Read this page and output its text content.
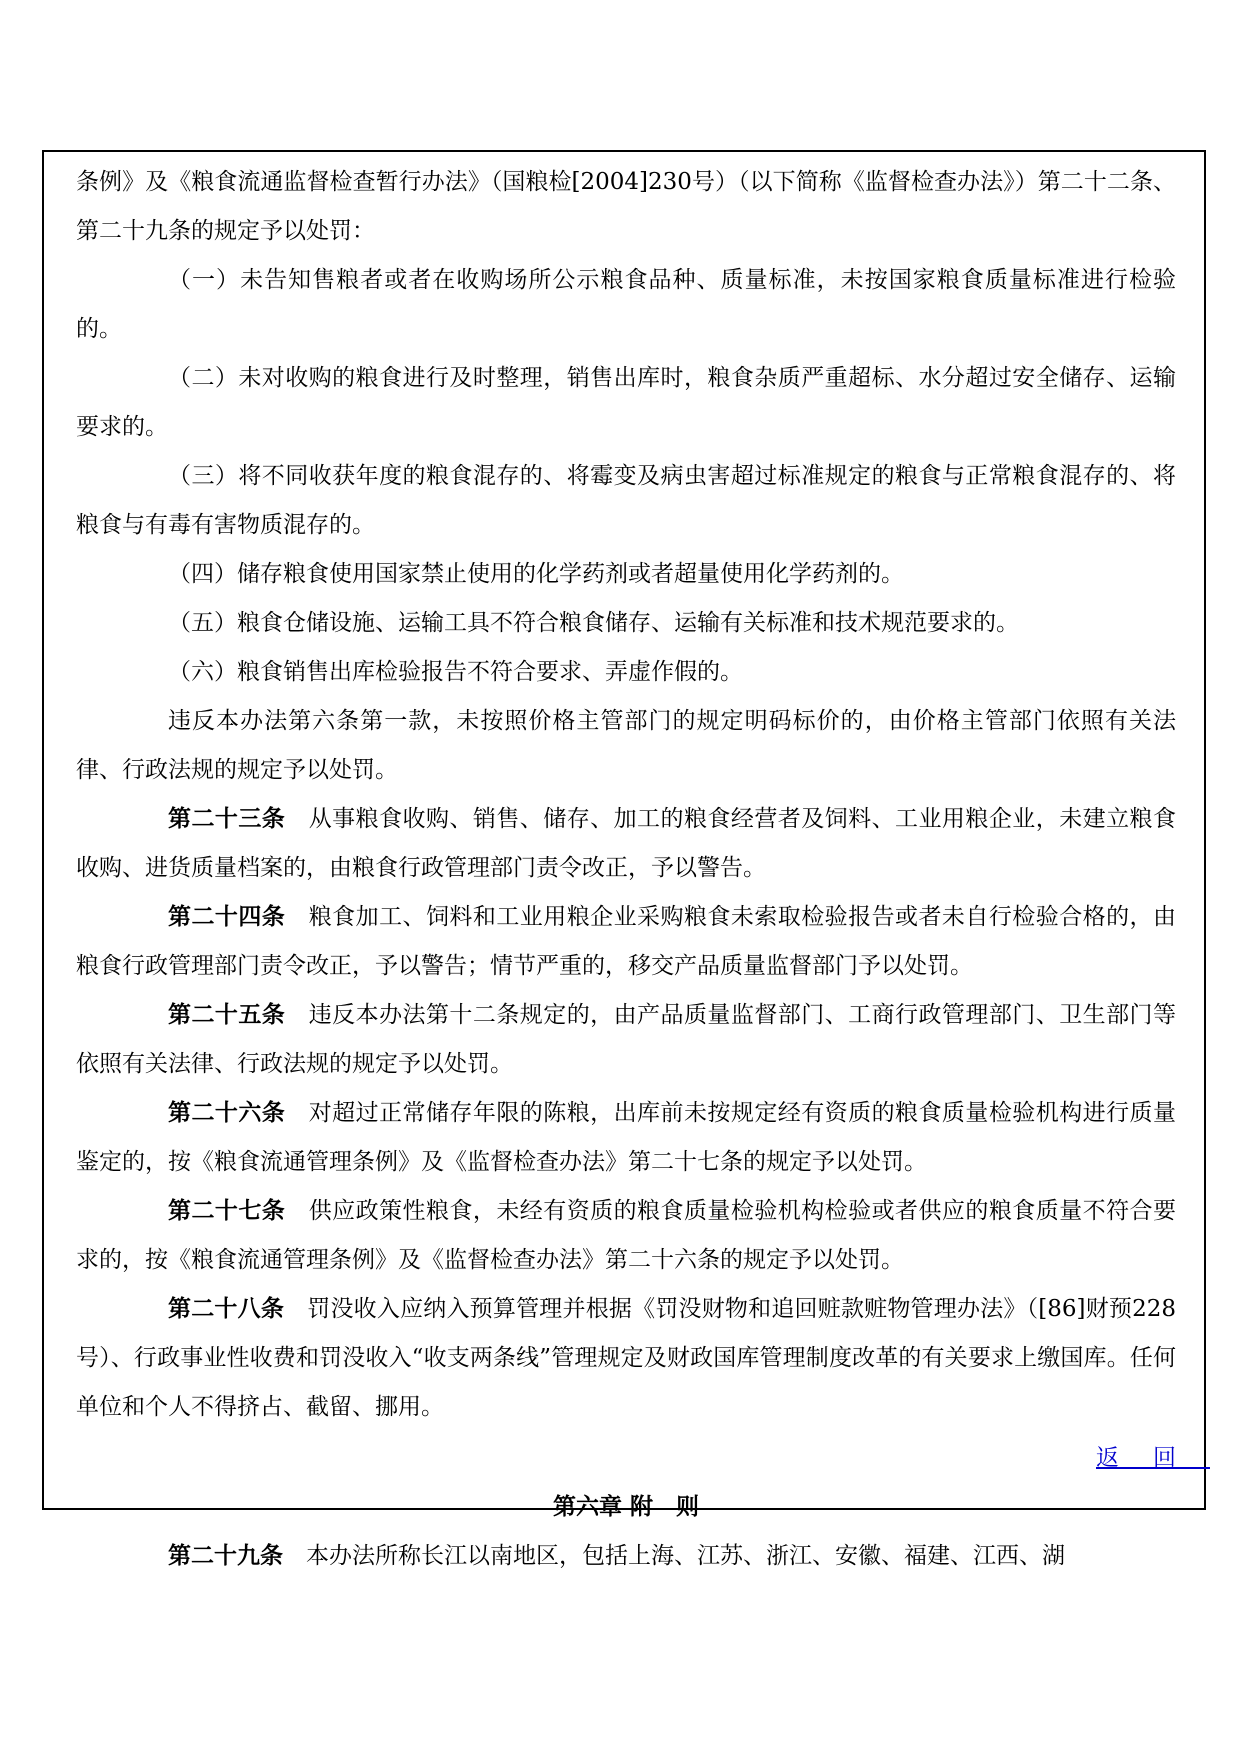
条例》及《粮食流通监督检查暂行办法》（国粮检[2004]230号）（以下简称《监督检查办法》）第二十二条、第二十九条的规定予以处罚：

（一）未告知售粮者或者在收购场所公示粮食品种、质量标准，未按国家粮食质量标准进行检验的。

（二）未对收购的粮食进行及时整理，销售出库时，粮食杂质严重超标、水分超过安全储存、运输要求的。

（三）将不同收获年度的粮食混存的、将霉变及病虫害超过标准规定的粮食与正常粮食混存的、将粮食与有毒有害物质混存的。

（四）储存粮食使用国家禁止使用的化学药剂或者超量使用化学药剂的。

（五）粮食仓储设施、运输工具不符合粮食储存、运输有关标准和技术规范要求的。

（六）粮食销售出库检验报告不符合要求、弄虚作假的。

违反本办法第六条第一款，未按照价格主管部门的规定明码标价的，由价格主管部门依照有关法律、行政法规的规定予以处罚。

第二十三条　 从事粮食收购、销售、储存、加工的粮食经营者及饲料、工业用粮企业，未建立粮食收购、进货质量档案的，由粮食行政管理部门责令改正，予以警告。

第二十四条　 粮食加工、饲料和工业用粮企业采购粮食未索取检验报告或者未自行检验合格的，由粮食行政管理部门责令改正，予以警告；情节严重的，移交产品质量监督部门予以处罚。

第二十五条　 违反本办法第十二条规定的，由产品质量监督部门、工商行政管理部门、卫生部门等依照有关法律、行政法规的规定予以处罚。

第二十六条　 对超过正常储存年限的陈粮，出库前未按规定经有资质的粮食质量检验机构进行质量鉴定的，按《粮食流通管理条例》及《监督检查办法》第二十七条的规定予以处罚。

第二十七条　 供应政策性粮食，未经有资质的粮食质量检验机构检验或者供应的粮食质量不符合要求的，按《粮食流通管理条例》及《监督检查办法》第二十六条的规定予以处罚。

第二十八条　 罚没收入应纳入预算管理并根据《罚没财物和追回赃款赃物管理办法》（[86]财预228号）、行政事业性收费和罚没收入“收支两条线”管理规定及财政国库管理制度改革的有关要求上缴国库。任何单位和个人不得挤占、截留、挪用。

返回

第六章 附　则

第二十九条　 本办法所称长江以南地区，包括上海、江苏、浙江、安徽、福建、江西、湖
